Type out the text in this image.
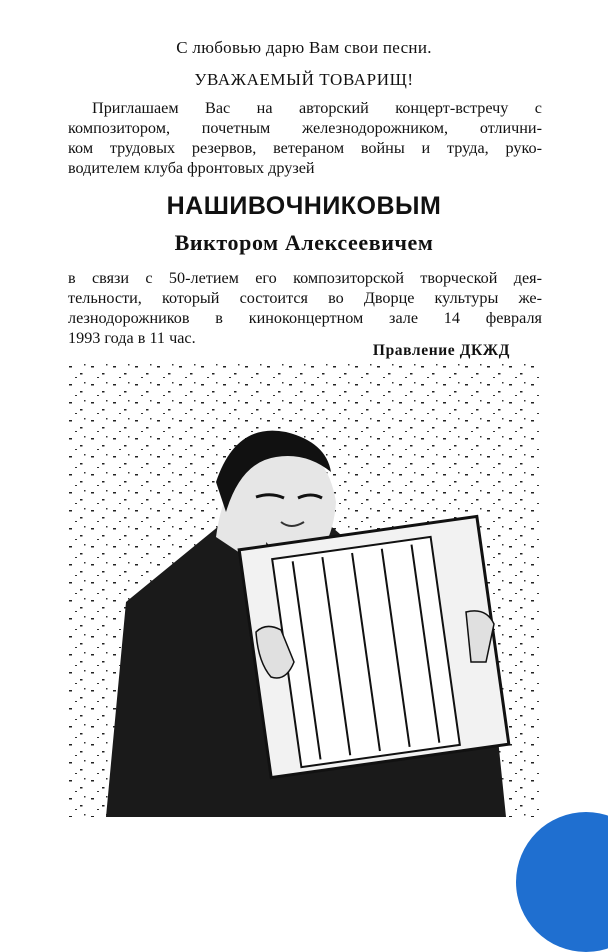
С любовью дарю Вам свои песни.
УВАЖАЕМЫЙ ТОВАРИЩ!
Приглашаем Вас на авторский концерт-встречу с
композитором, почетным железнодорожником, отлични-
ком трудовых резервов, ветераном войны и труда, руко-
водителем клуба фронтовых друзей
НАШИВОЧНИКОВЫМ
Виктором Алексеевичем
в связи с 50-летием его композиторской творческой дея-
тельности, который состоится во Дворце культуры же-
лезнодорожников в киноконцертном зале 14 февраля
1993 года в 11 час.
Правление ДКЖД
